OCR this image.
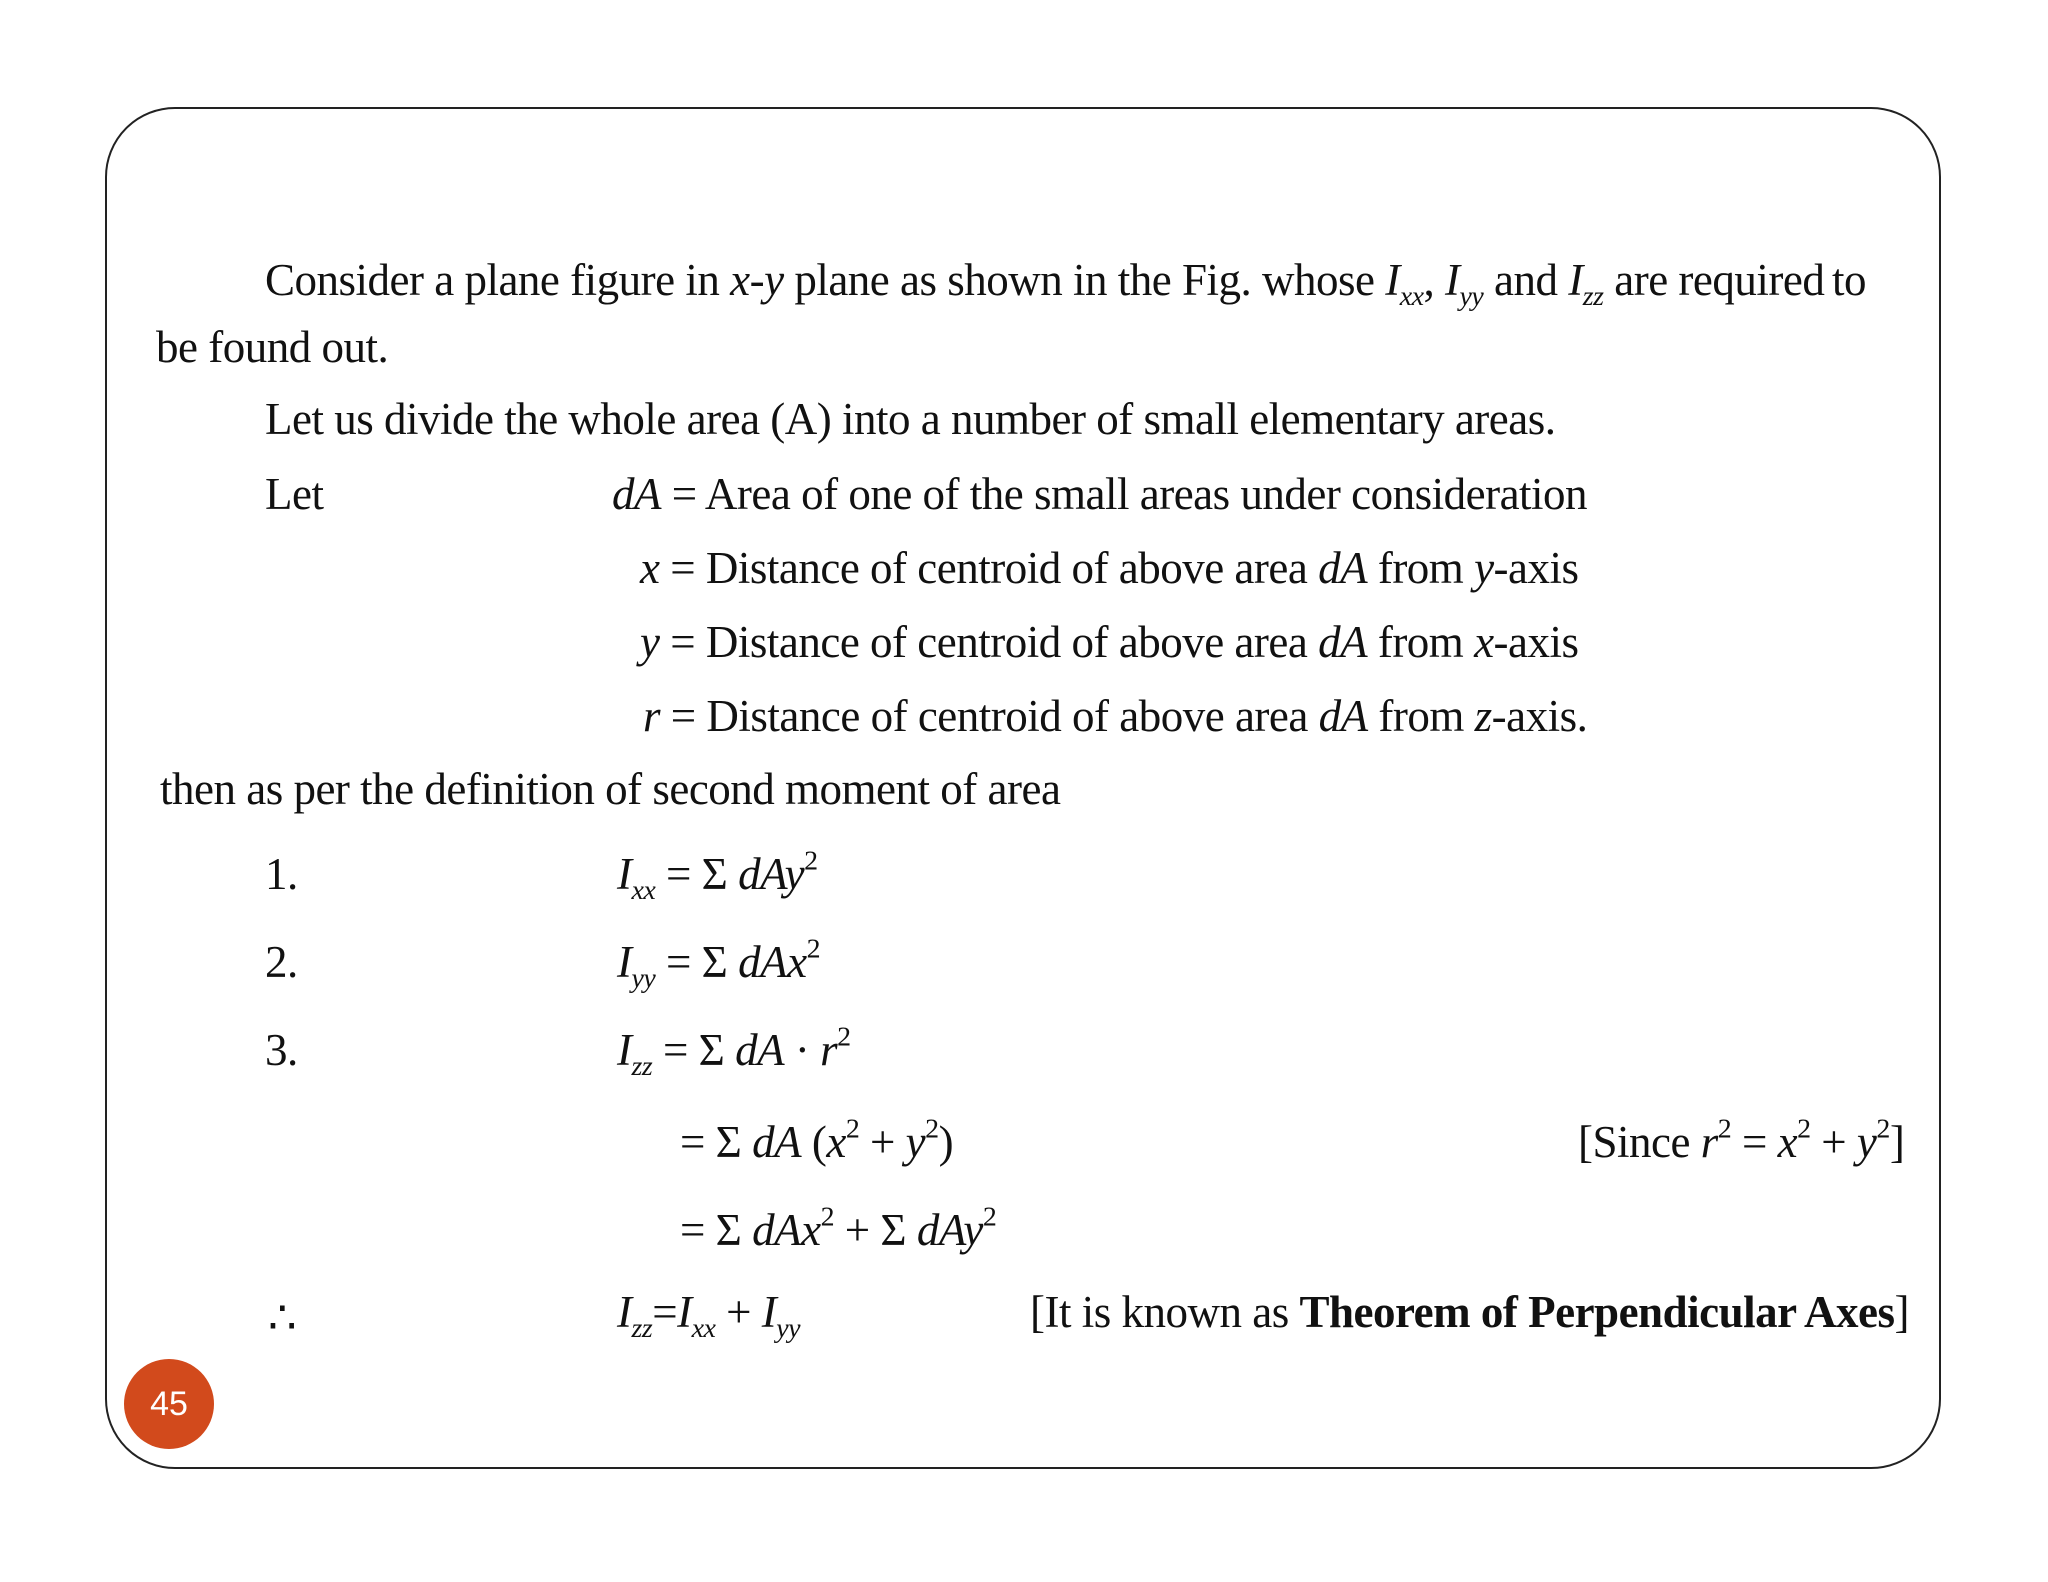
Consider a plane figure in x-y plane as shown in the Fig. whose $I_{xx}$, $I_{yy}$ and $I_{zz}$ are required to
be found out.
Let us divide the whole area (A) into a number of small elementary areas.
Let	dA = Area of one of the small areas under consideration
x = Distance of centroid of above area dA from y-axis
y = Distance of centroid of above area dA from x-axis
r = Distance of centroid of above area dA from z-axis.
then as per the definition of second moment of area
1.	$I_{xx} = \Sigma$ dAy$^2$
2.	$I_{yy} = \Sigma$ dAx$^2$
3.	$I_{zz} = \Sigma$ dA · $r^2$
= Σ dA $(x^2 + y^2)$	[Since $r^2 = x^2 + y^2$]
= Σ dAx$^2$ + Σ dAy$^2$
∴	$I_{zz}=I_{xx} + I_{yy}$	[It is known as Theorem of Perpendicular Axes]
45
